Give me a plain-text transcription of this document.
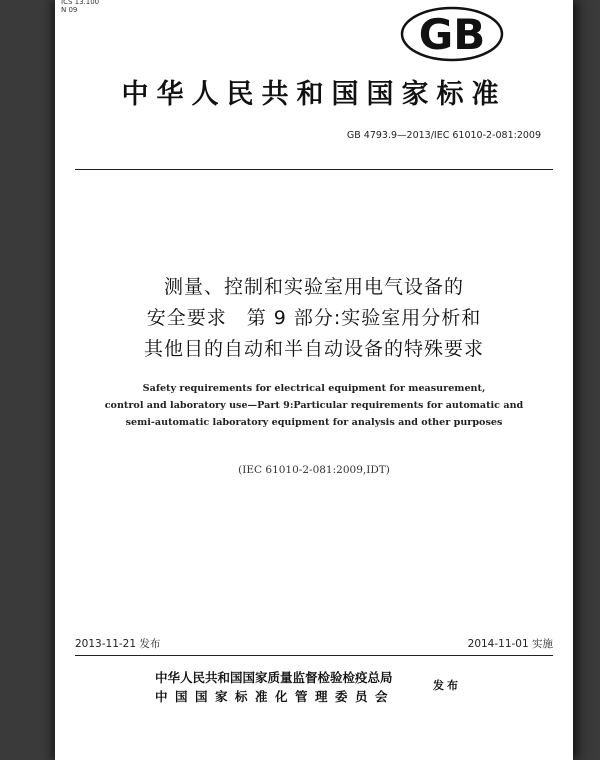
ICS 13.100
N 09	GB
中华人民共和国国家标准
GB 4793.9—2013/IEC 61010-2-081:2009
测量、控制和实验室用电气设备的
安全要求　第 9 部分:实验室用分析和
其他目的自动和半自动设备的特殊要求
Safety requirements for electrical equipment for measurement,
control and laboratory use—Part 9:Particular requirements for automatic and
semi-automatic laboratory equipment for analysis and other purposes
(IEC 61010-2-081:2009,IDT)
2013-11-21 发布	2014-11-01 实施
中华人民共和国国家质量监督检验检疫总局
中国国家标准化管理委员会
发布
